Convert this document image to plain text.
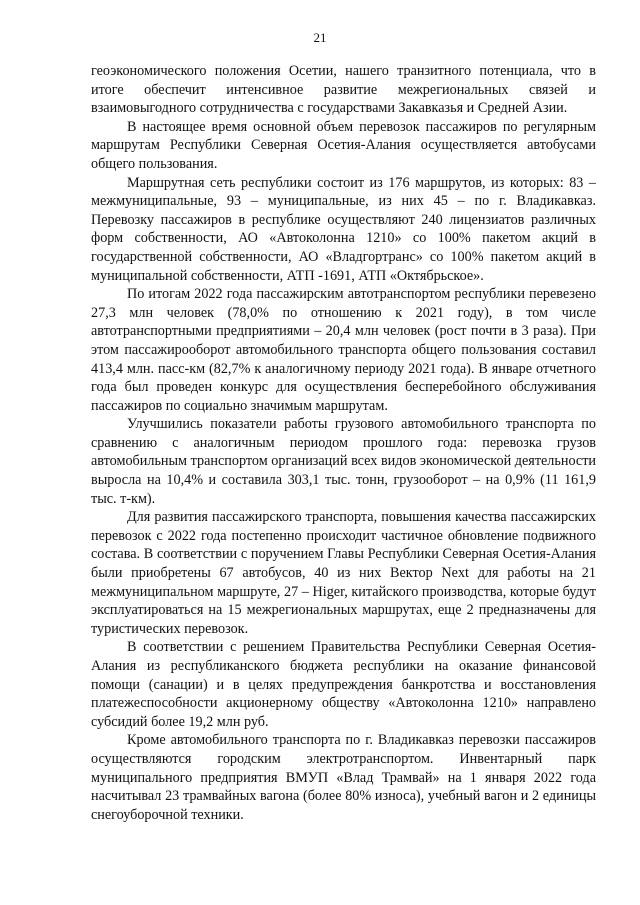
21

геоэкономического положения Осетии, нашего транзитного потенциала, что в итоге обеспечит интенсивное развитие межрегиональных связей и взаимовыгодного сотрудничества с государствами Закавказья и Средней Азии.

В настоящее время основной объем перевозок пассажиров по регулярным маршрутам Республики Северная Осетия-Алания осуществляется автобусами общего пользования.

Маршрутная сеть республики состоит из 176 маршрутов, из которых: 83 – межмуниципальные, 93 – муниципальные, из них 45 – по г. Владикавказ. Перевозку пассажиров в республике осуществляют 240 лицензиатов различных форм собственности, АО «Автоколонна 1210» со 100% пакетом акций в государственной собственности, АО «Владгортранс» со 100% пакетом акций в муниципальной собственности, АТП -1691, АТП «Октябрьское».

По итогам 2022 года пассажирским автотранспортом республики перевезено 27,3 млн человек (78,0% по отношению к 2021 году), в том числе автотранспортными предприятиями – 20,4 млн человек (рост почти в 3 раза). При этом пассажирооборот автомобильного транспорта общего пользования составил 413,4 млн. пасс-км (82,7% к аналогичному периоду 2021 года). В январе отчетного года был проведен конкурс для осуществления бесперебойного обслуживания пассажиров по социально значимым маршрутам.

Улучшились показатели работы грузового автомобильного транспорта по сравнению с аналогичным периодом прошлого года: перевозка грузов автомобильным транспортом организаций всех видов экономической деятельности выросла на 10,4% и составила 303,1 тыс. тонн, грузооборот – на 0,9% (11 161,9 тыс. т-км).

Для развития пассажирского транспорта, повышения качества пассажирских перевозок с 2022 года постепенно происходит частичное обновление подвижного состава. В соответствии с поручением Главы Республики Северная Осетия-Алания были приобретены 67 автобусов, 40 из них Вектор Next для работы на 21 межмуниципальном маршруте, 27 – Higer, китайского производства, которые будут эксплуатироваться на 15 межрегиональных маршрутах, еще 2 предназначены для туристических перевозок.

В соответствии с решением Правительства Республики Северная Осетия-Алания из республиканского бюджета республики на оказание финансовой помощи (санации) и в целях предупреждения банкротства и восстановления платежеспособности акционерному обществу «Автоколонна 1210» направлено субсидий более 19,2 млн руб.

Кроме автомобильного транспорта по г. Владикавказ перевозки пассажиров осуществляются городским электротранспортом. Инвентарный парк муниципального предприятия ВМУП «Влад Трамвай» на 1 января 2022 года насчитывал 23 трамвайных вагона (более 80% износа), учебный вагон и 2 единицы снегоуборочной техники.
